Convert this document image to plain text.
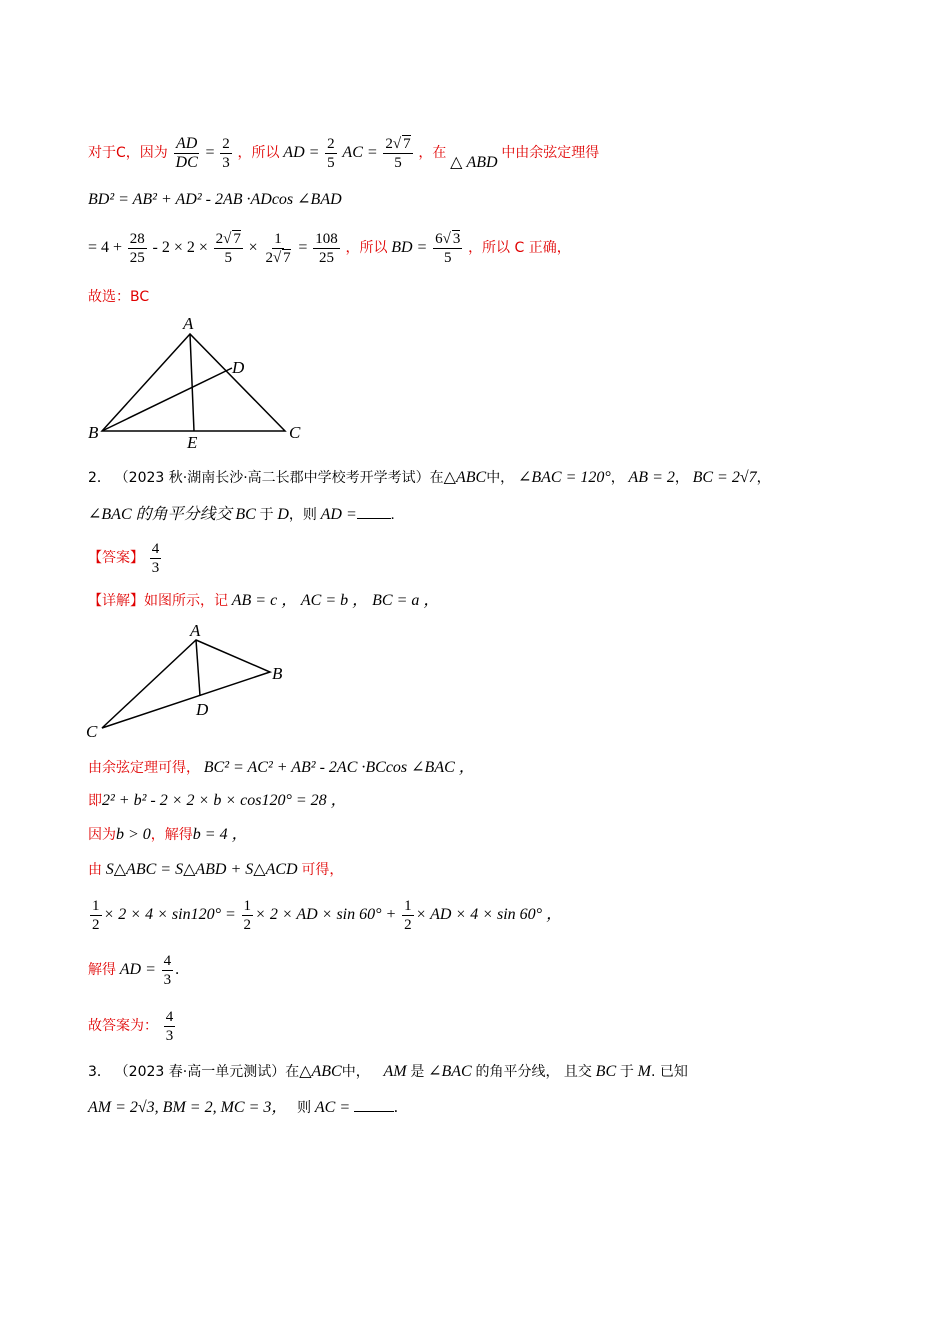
对于C，因为 $\frac{AD}{DC} = \frac{2}{3}$ ，所以 AD = $\frac{2}{5}$ AC = $\frac{2√ 7}{5}$ ，在 △ ABD 中由余弦定理得
BD² = AB² + AD² - 2AB ·ADcos ∠BAD
= $4 + \frac{28}{25} - 2 \times 2 \times \frac{2√ 7}{5} \times \frac{1}{2√ 7} = \frac{108}{25}$ ，所以 BD = $\frac{6√ 3}{5}$ ，所以 C 正确，
故选：BC
A
D
B
E
C
2． （2023 秋·湖南长沙·高二长郡中学校考开学考试）在△ABC中， ∠BAC = 120°， AB = 2， BC = 2√7，
∠BAC 的角平分线交 BC 于 D，则 AD = .
【答案】 $\frac{4}{3}$
【详解】如图所示，记 AB = c ， AC = b ， BC = a ，
A
B
D
C
由余弦定理可得， BC² = AC² + AB² - 2AC ·BCcos ∠BAC ，
即2² + b² - 2 × 2 × b × cos120° = 28 ，
因为b > 0，解得b = 4 ，
由 S△ABC = S△ABD + S△ACD 可得，
$\frac{1}{2} \times 2 \times 4 \times \sin 120^\circ = \frac{1}{2} \times 2$ × AD × $\sin 60^\circ + \frac{1}{2}$ × AD × 4 × sin 60° ，
解得 AD = $\frac{4}{3}$ .
故答案为： $\frac{4}{3}$
3． （2023 春·高一单元测试）在△ABC中， AM 是 ∠BAC 的角平分线， 且交 BC 于 M. 已知
AM = 2√3, BM = 2, MC = 3， 则 AC =	.
